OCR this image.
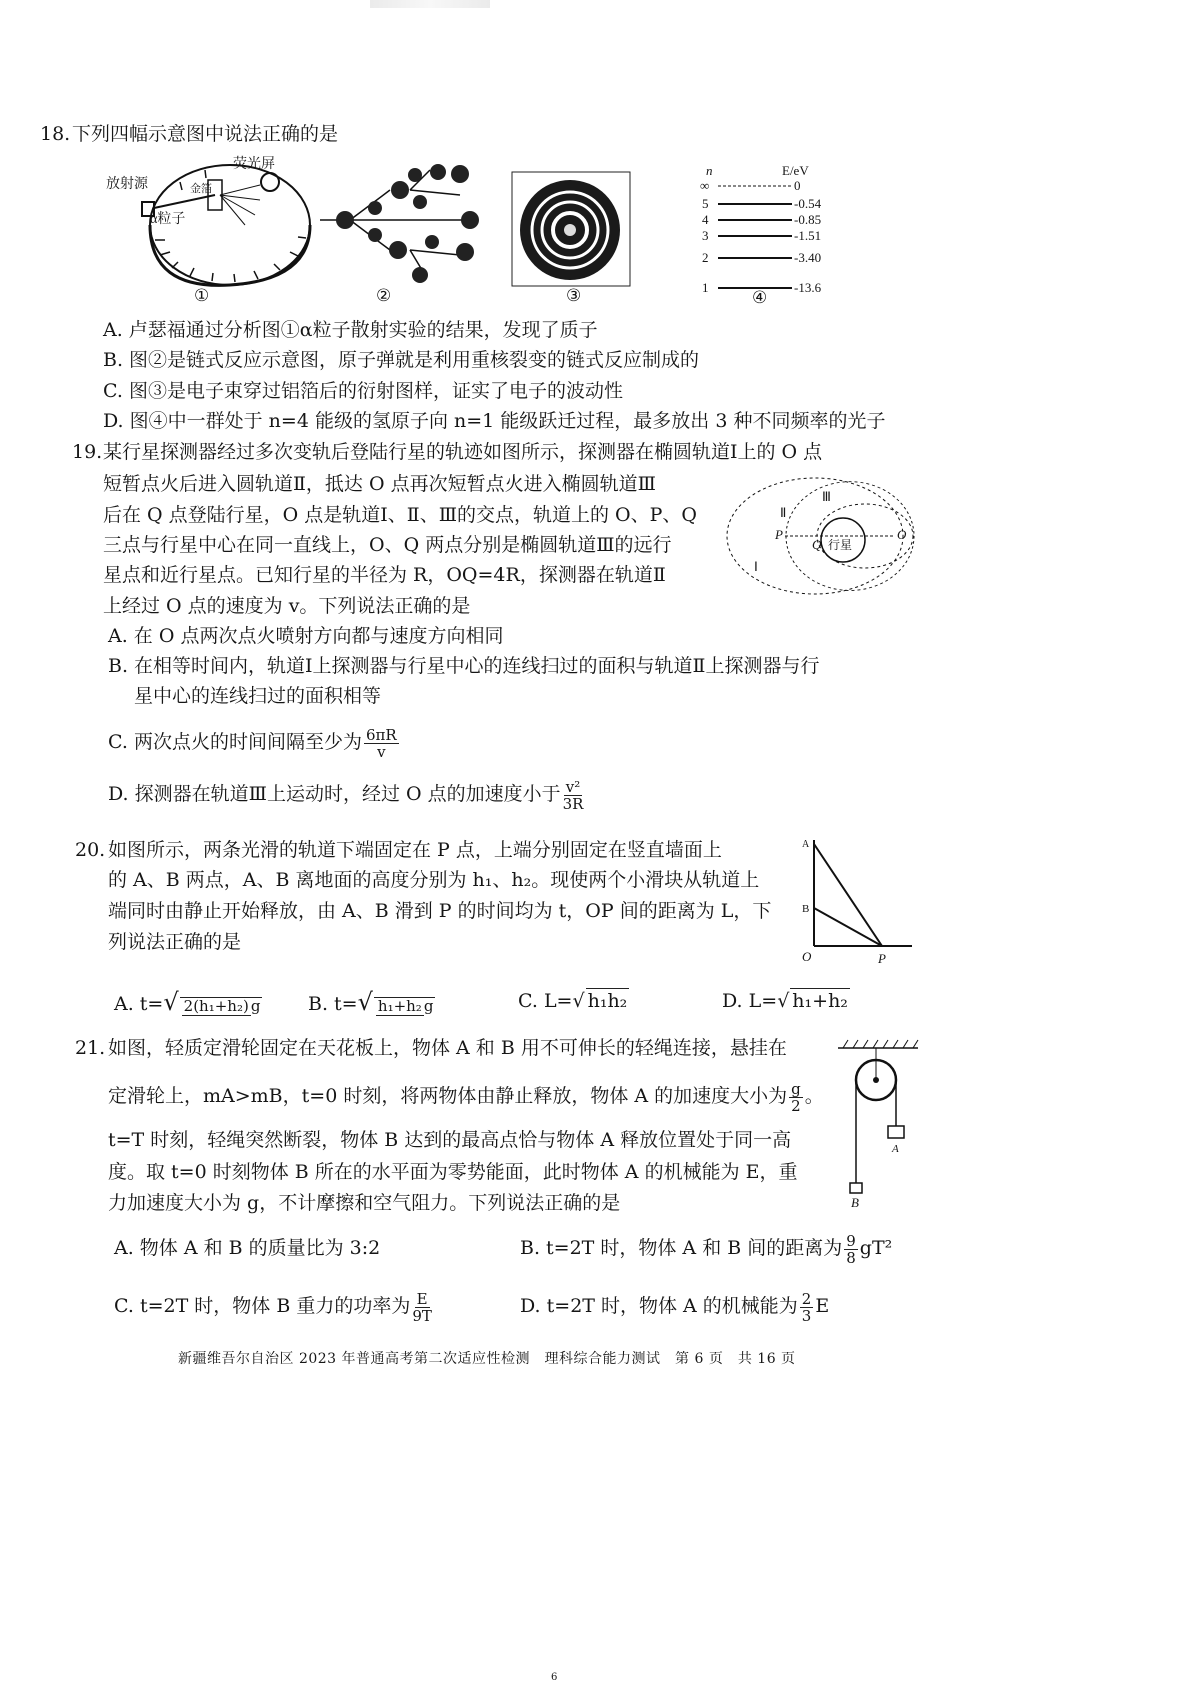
18. 下列四幅示意图中说法正确的是
放射源
荧光屏
金箔
α粒子
①	②	③
n	E/eV
∞	0
5	-0.54
4	-0.85
3	-1.51
2	-3.40
1	-13.6
④
A. 卢瑟福通过分析图①α粒子散射实验的结果，发现了质子
B. 图②是链式反应示意图，原子弹就是利用重核裂变的链式反应制成的
C. 图③是电子束穿过铝箔后的衍射图样，证实了电子的波动性
D. 图④中一群处于 n=4 能级的氢原子向 n=1 能级跃迁过程，最多放出 3 种不同频率的光子
19. 某行星探测器经过多次变轨后登陆行星的轨迹如图所示，探测器在椭圆轨道Ⅰ上的 O 点
短暂点火后进入圆轨道Ⅱ，抵达 O 点再次短暂点火进入椭圆轨道Ⅲ
后在 Q 点登陆行星，O 点是轨道Ⅰ、Ⅱ、Ⅲ的交点，轨道上的 O、P、Q
三点与行星中心在同一直线上，O、Q 两点分别是椭圆轨道Ⅲ的远行
星点和近行星点。已知行星的半径为 R，OQ=4R，探测器在轨道Ⅱ
上经过 O 点的速度为 v。下列说法正确的是
Ⅰ
Ⅱ
Ⅲ
P
Q
O
行星
A. 在 O 点两次点火喷射方向都与速度方向相同
B. 在相等时间内，轨道Ⅰ上探测器与行星中心的连线扫过的面积与轨道Ⅱ上探测器与行
星中心的连线扫过的面积相等
C. 两次点火的时间间隔至少为 $\frac{6\pi R}{v}$
D. 探测器在轨道Ⅲ上运动时，经过 O 点的加速度小于 $\frac{\text{v²}}{3R}$
20. 如图所示，两条光滑的轨道下端固定在 P 点，上端分别固定在竖直墙面上
的 A、B 两点，A、B 离地面的高度分别为 h₁、h₂。现使两个小滑块从轨道上
端同时由静止开始释放，由 A、B 滑到 P 的时间均为 t，OP 间的距离为 L，下
列说法正确的是
A
B
O	P
A. t=√ 2(h₁+h₂) g	B. t=√ h₁+h₂ g	C. L=√ h₁h₂	D. L=√ h₁+h₂
21. 如图，轻质定滑轮固定在天花板上，物体 A 和 B 用不可伸长的轻绳连接，悬挂在
定滑轮上，mA>mB，t=0 时刻，将两物体由静止释放，物体 A 的加速度大小为 $\frac{g}{2}$ 。
t=T 时刻，轻绳突然断裂，物体 B 达到的最高点恰与物体 A 释放位置处于同一高
度。取 t=0 时刻物体 B 所在的水平面为零势能面，此时物体 A 的机械能为 E，重
力加速度大小为 g，不计摩擦和空气阻力。下列说法正确的是
A
B
A. 物体 A 和 B 的质量比为 3:2	B. t=2T 时，物体 A 和 B 间的距离为 $\frac{9}{8} gT^2$
C. t=2T 时，物体 B 重力的功率为 $\frac{E}{9T}$	D. t=2T 时，物体 A 的机械能为 $\frac{2}{3}$ E
新疆维吾尔自治区 2023 年普通高考第二次适应性检测　理科综合能力测试　第 6 页　共 16 页
6
